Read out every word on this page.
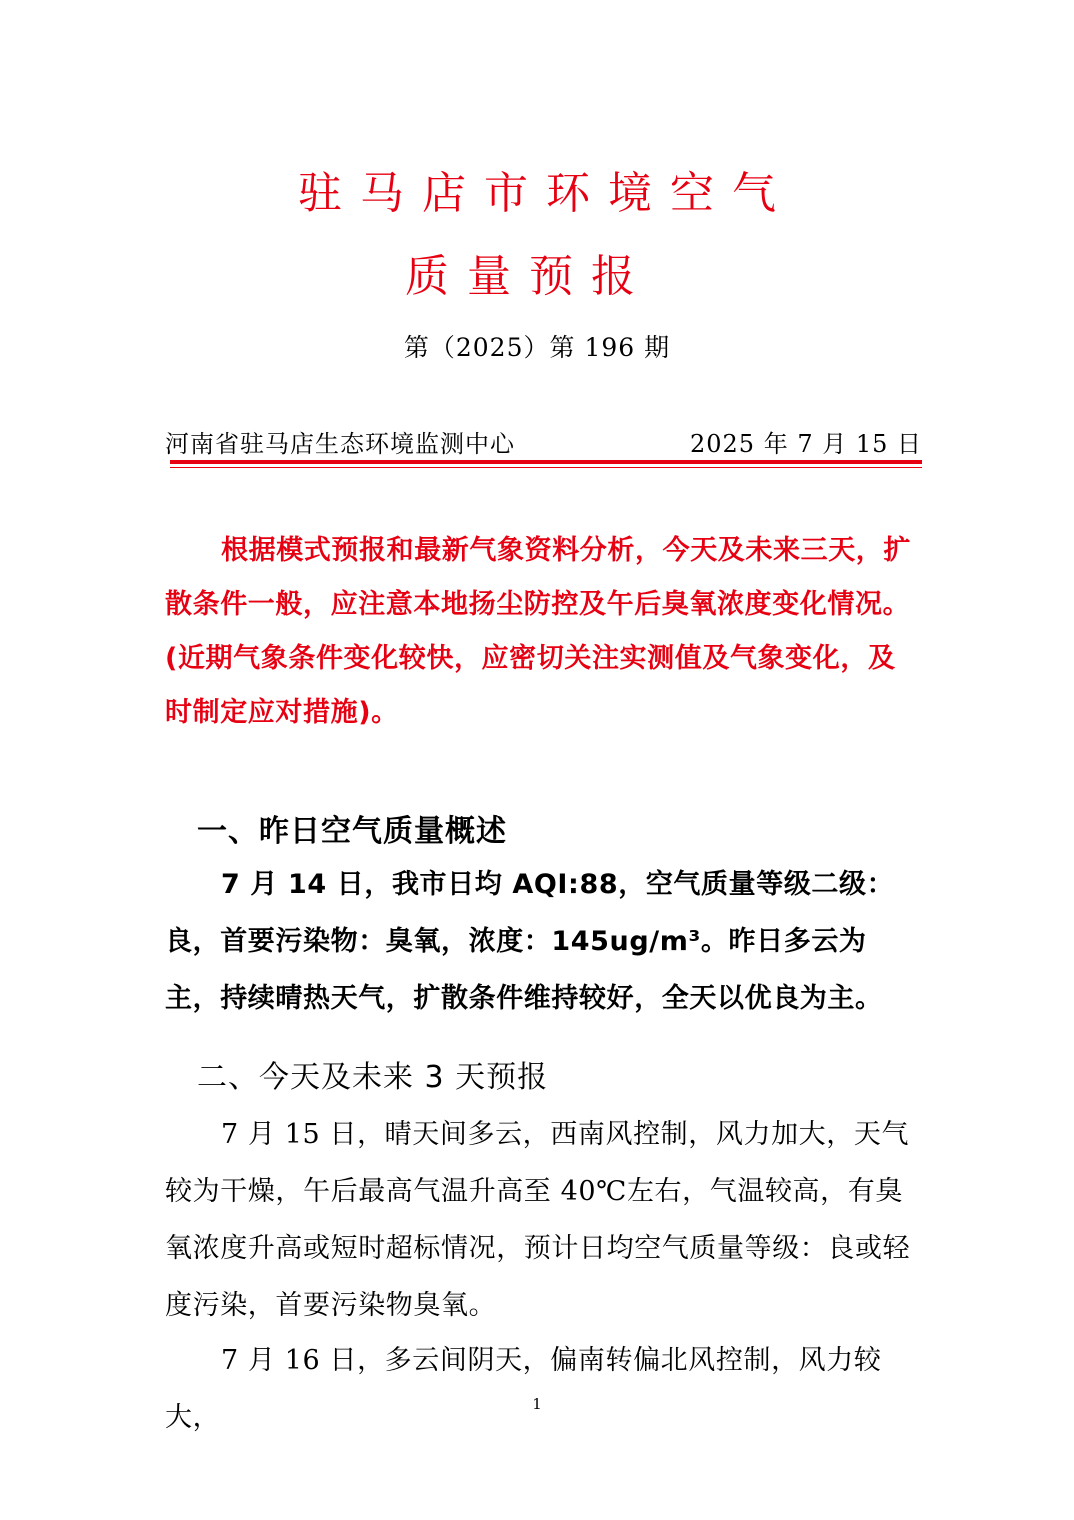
驻马店市环境空气
质量预报
第（2025）第 196 期
河南省驻马店生态环境监测中心	2025 年 7 月 15 日

根据模式预报和最新气象资料分析，今天及未来三天，扩散条件一般，应注意本地扬尘防控及午后臭氧浓度变化情况。(近期气象条件变化较快，应密切关注实测值及气象变化，及时制定应对措施)。

一、昨日空气质量概述

7 月 14 日，我市日均 AQI:88，空气质量等级二级：良，首要污染物：臭氧，浓度：145ug/m³。昨日多云为主，持续晴热天气，扩散条件维持较好，全天以优良为主。

二、今天及未来 3 天预报

7 月 15 日，晴天间多云，西南风控制，风力加大，天气较为干燥，午后最高气温升高至 40℃左右，气温较高，有臭氧浓度升高或短时超标情况，预计日均空气质量等级：良或轻度污染，首要污染物臭氧。

7 月 16 日，多云间阴天，偏南转偏北风控制，风力较大，	1
